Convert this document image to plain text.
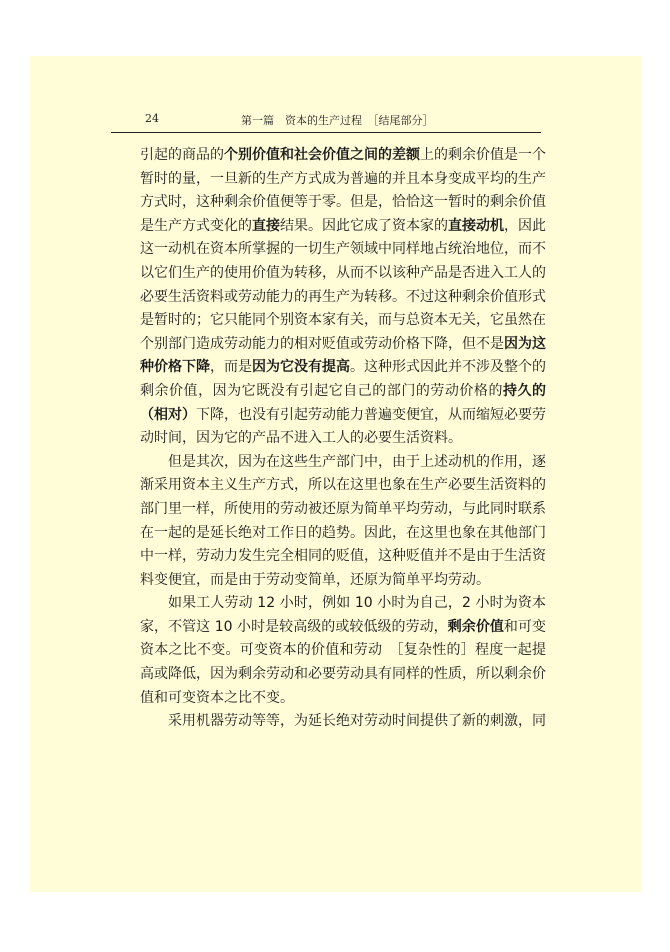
24	第一篇　资本的生产过程　［结尾部分］

引起的商品的个别价值和社会价值之间的差额上的剩余价值是一个暂时的量，一旦新的生产方式成为普遍的并且本身变成平均的生产方式时，这种剩余价值便等于零。但是，恰恰这一暂时的剩余价值是生产方式变化的直接结果。因此它成了资本家的直接动机，因此这一动机在资本所掌握的一切生产领域中同样地占统治地位，而不以它们生产的使用价值为转移，从而不以该种产品是否进入工人的必要生活资料或劳动能力的再生产为转移。不过这种剩余价值形式是暂时的；它只能同个别资本家有关，而与总资本无关，它虽然在个别部门造成劳动能力的相对贬值或劳动价格下降，但不是因为这种价格下降，而是因为它没有提高。这种形式因此并不涉及整个的剩余价值，因为它既没有引起它自己的部门的劳动价格的持久的（相对）下降，也没有引起劳动能力普遍变便宜，从而缩短必要劳动时间，因为它的产品不进入工人的必要生活资料。

但是其次，因为在这些生产部门中，由于上述动机的作用，逐渐采用资本主义生产方式，所以在这里也象在生产必要生活资料的部门里一样，所使用的劳动被还原为简单平均劳动，与此同时联系在一起的是延长绝对工作日的趋势。因此，在这里也象在其他部门中一样，劳动力发生完全相同的贬值，这种贬值并不是由于生活资料变便宜，而是由于劳动变简单，还原为简单平均劳动。

如果工人劳动 12 小时，例如 10 小时为自己，2 小时为资本家，不管这 10 小时是较高级的或较低级的劳动，剩余价值和可变资本之比不变。可变资本的价值和劳动　［复杂性的］程度一起提高或降低，因为剩余劳动和必要劳动具有同样的性质，所以剩余价值和可变资本之比不变。

采用机器劳动等等，为延长绝对劳动时间提供了新的刺激，同
